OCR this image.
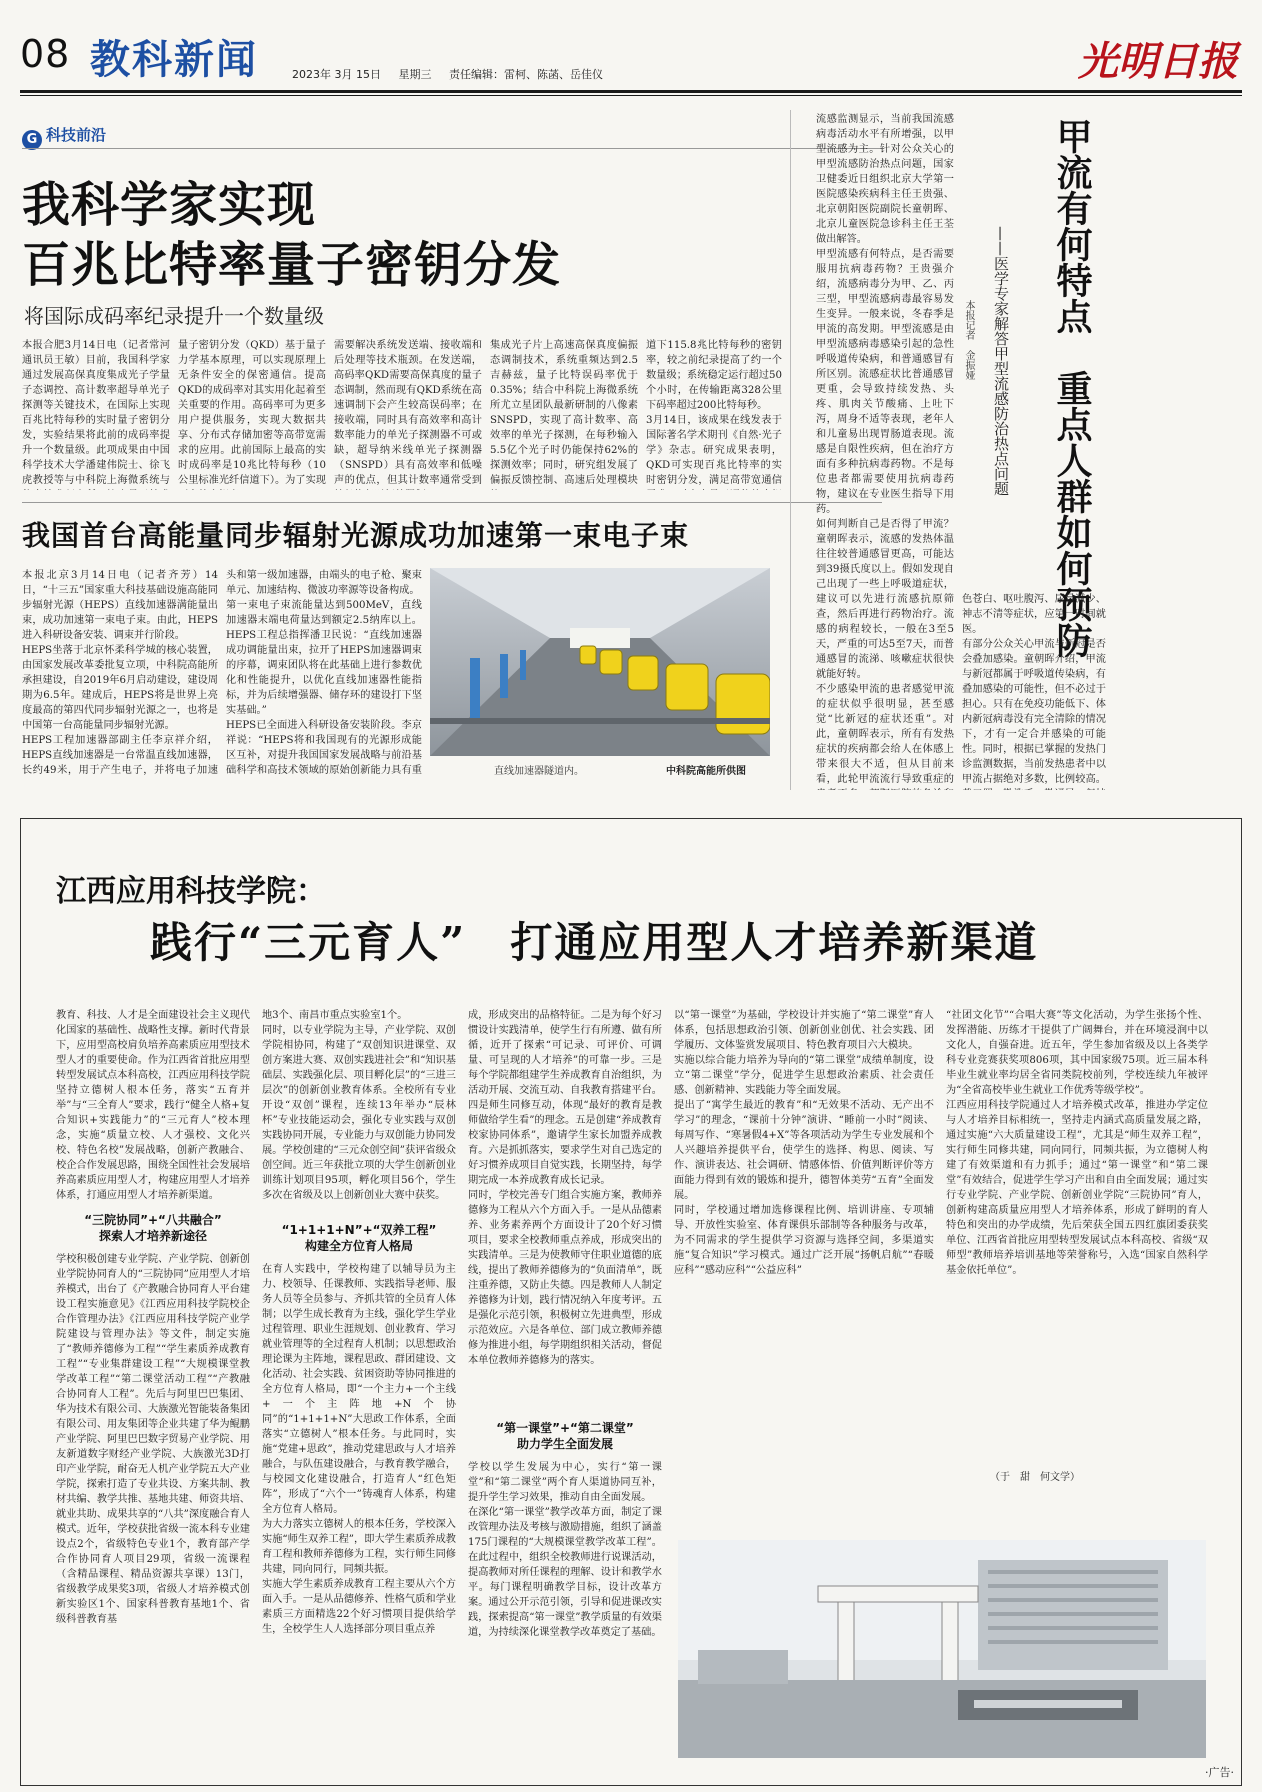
08 教科新闻	2023年 3月 15日 星期三 责任编辑：雷柯、陈菡、岳佳仪	光明日报
G 科技前沿
我科学家实现
百兆比特率量子密钥分发
将国际成码率纪录提升一个数量级
本报合肥3月14日电（记者常河　通讯员王敏）目前，我国科学家通过发展高保真度集成光子学量子态调控、高计数率超导单光子探测等关键技术，在国际上实现百兆比特每秒的实时量子密钥分发，实验结果将此前的成码率提升一个数量级。此项成果由中国科学技术大学潘建伟院士、徐飞虎教授等与中科院上海微系统与
量子密钥分发（QKD）基于量子力学基本原理，可以实现原理上无条件安全的保密通信。提高QKD的成码率对其实用化起着至关重要的作用。高码率可为更多用户提供服务，实现大数据共享、分布式存储加密等高带宽需求的应用。此前国际上最高的实时成码率是10兆比特每秒（10公里标准光纤信道下）。为了实现
需要解决系统发送端、接收端和后处理等技术瓶颈。在发送端，高码率QKD需要高保真度的量子态调制，然而现有QKD系统在高速调制下会产生较高误码率；在接收端，同时具有高效率和高计数率能力的单光子探测器不可或缺，超导纳米线单光子探测器（SNSPD）具有高效率和低噪声的优点，但其计数率通常受到

集成光子片上高速高保真度偏振态调制技术，系统重频达到2.5吉赫兹，量子比特误码率优于0.35%；结合中科院上海微系统所尤立星团队最新研制的八像素SNSPD，实现了高计数率、高效率的单光子探测，在每秒输入5.5亿个光子时仍能保持62%的探测效率；同时，研究组发展了偏振反馈控制、高速后处理模块

道下115.8兆比特每秒的密钥率，较之前纪录提高了约一个数量级；系统稳定运行超过50个小时，在传输距离328公里下码率超过200比特每秒。
3月14日，该成果在线发表于国际著名学术期刊《自然·光子学》杂志。研究成果表明，QKD可实现百兆比特率的实时密钥分发，满足高带宽通信
我国首台高能量同步辐射光源成功加速第一束电子束
本报北京3月14日电（记者齐芳）14日，“十三五”国家重大科技基础设施高能同步辐射光源（HEPS）直线加速器满能量出束，成功加速第一束电子束。由此，HEPS进入科研设备安装、调束并行阶段。
HEPS坐落于北京怀柔科学城的核心装置，由国家发展改革委批复立项，中科院高能所承担建设，自2019年6月启动建设，建设周期为6.5年。建成后，HEPS将是世界上亮度最高的第四代同步辐射光源之一，也将是中国第一台高能量同步辐射光源。
HEPS工程加速器部副主任李京祥介绍，HEPS直线加速器是一台常温直线加速器，长约49米，用于产生电子，并将电子加速
头和第一级加速器，由端头的电子枪、聚束单元、加速结构、微波功率源等设备构成。
第一束电子束流能量达到500MeV，直线加速器末端电荷量达到额定2.5纳库以上。HEPS工程总指挥潘卫民说：“直线加速器成功调能量出束，拉开了HEPS加速器调束的序幕，调束团队将在此基础上进行参数优化和性能提升，以优化直线加速器性能指标，并为后续增强器、储存环的建设打下坚实基础。”
HEPS已全面进入科研设备安装阶段。李京祥说：“HEPS将和我国现有的光源形成能区互补，对提升我国国家发展战略与前沿基础科学和高技术领域的原始创新能力具有重	直线加速器隧道内。	中科院高能所供图
甲流有何特点　重点人群如何预防
——医学专家解答甲型流感防治热点问题
本报记者　金振娅
流感监测显示，当前我国流感病毒活动水平有所增强，以甲型流感为主。针对公众关心的甲型流感防治热点问题，国家卫健委近日组织北京大学第一医院感染疾病科主任王贵强、北京朝阳医院副院长童朝晖、北京儿童医院急诊科主任王荃做出解答。
甲型流感有何特点，是否需要服用抗病毒药物？王贵强介绍，流感病毒分为甲、乙、丙三型，甲型流感病毒最容易发生变异。一般来说，冬春季是甲流的高发期。甲型流感是由甲型流感病毒感染引起的急性呼吸道传染病，和普通感冒有所区别。流感症状比普通感冒更重，会导致持续发热、头疼、肌肉关节酸痛、上吐下泻，周身不适等表现，老年人和儿童易出现胃肠道表现。流感是自限性疾病，但在治疗方面有多种抗病毒药物。不是每位患者都需要使用抗病毒药物，建议在专业医生指导下用药。
如何判断自己是否得了甲流？童朝晖表示，流感的发热体温往往较普通感冒更高，可能达到39摄氏度以上。假如发现自己出现了一些上呼吸道症状，建议可以先进行流感抗原筛查，然后再进行药物治疗。流感的病程较长，一般在3至5天，严重的可达5至7天，而普通感冒的流涕、咳嗽症状很快就能好转。
不少感染甲流的患者感觉甲流的症状似乎很明显，甚至感觉“比新冠的症状还重”。对此，童朝晖表示，所有有发热症状的疾病都会给人在体感上带来很大不适，但从目前来看，此轮甲流流行导致重症的

色苍白、呕吐腹泻、尿量减少、神志不清等症状，应第一时间就医。
有部分公众关心甲流与新冠是否会叠加感染。童朝晖介绍，甲流与新冠都属于呼吸道传染病，有叠加感染的可能性，但不必过于担心。只有在免疫功能低下、体内新冠病毒没有完全清除的情况下，才有一定合并感染的可能性。同时，根据已掌握的发热门诊监测数据，当前发热患者中以甲流占据绝对多数，比例较高。
江西应用科技学院：
践行“三元育人”　打通应用型人才培养新渠道
教育、科技、人才是全面建设社会主义现代化国家的基础性、战略性支撑。新时代背景下，应用型高校肩负培养高素质应用型技术型人才的重要使命。作为江西省首批应用型转型发展试点本科高校，江西应用科技学院坚持立德树人根本任务，落实“五育并举”与“三全育人”要求，践行“健全人格+复合知识+实践能力”的“三元育人”校本理念，实施“质量立校、人才强校、文化兴校、特色名校”发展战略，创新产教融合、校企合作发展思路，围绕全国性社会发展培养高素质应用型人才，构建应用型人才培养体系，打通应用型人才培养新渠道。
“三院协同”+“八共融合”
探索人才培养新途径
学校积极创建专业学院、产业学院、创新创业学院协同育人的“三院协同”应用型人才培养模式，出台了《产教融合协同育人平台建设工程实施意见》《江西应用科技学院校企合作管理办法》《江西应用科技学院产业学院建设与管理办法》等文件，制定实施了“教师养德修为工程”“学生素质养成教育工程”“专业集群建设工程”“大规模课堂教学改革工程”“第二课堂活动工程”“产教融合协同育人工程”。先后与阿里巴巴集团、华为技术有限公司、大族激光智能装备集团有限公司、用友集团等企业共建了华为鲲鹏产业学院、阿里巴巴数字贸易产业学院、用友新道数字财经产业学院、大族激光3D打印产业学院，耐奋无人机产业学院五大产业学院，探索打造了专业共设、方案共制、教材共编、教学共推、基地共建、师资共培、就业共助、成果共享的“八共”深度融合育人模式。近年，学校获批省级一流本科专业建设点2个，省级特色专业1个，教育部产学合作协同育人项目29项，省级一流课程（含精品课程、精品资源共享课）13门，省级教学成果奖3项，省级人才培养模式创新实验区1个、国家科普教育基地1个、省级科普教育基
地3个、南昌市重点实验室1个。
同时，以专业学院为主导，产业学院、双创学院相协同，构建了“双创知识进课堂、双创方案进大赛、双创实践进社会”和“知识基础层、实践强化层、项目孵化层”的“三进三层次”的创新创业教育体系。全校所有专业开设“双创”课程，连续13年举办“辰林杯”专业技能运动会，强化专业实践与双创实践协同开展，专业能力与双创能力协同发展。学校创建的“三元众创空间”获评省级众创空间。近三年获批立项的大学生创新创业训练计划项目95项，孵化项目56个，学生多次在省级及以上创新创业大赛中获奖。
“1+1+1+N”+“双养工程”
构建全方位育人格局
在育人实践中，学校构建了以辅导员为主力、校领导、任课教师、实践指导老师、服务人员等全员参与、齐抓共管的全员育人体制；以学生成长教育为主线，强化学生学业过程管理、职业生涯规划、创业教育、学习就业管理等的全过程育人机制；以思想政治理论课为主阵地，课程思政、群团建设、文化活动、社会实践、贫困资助等协同推进的全方位育人格局，即“一个主力+一个主线+一个主阵地+N个协同”的“1+1+1+N”大思政工作体系，全面落实“立德树人”根本任务。与此同时，实施“党建+思政”，推动党建思政与人才培养融合，与队伍建设融合，与教育教学融合，与校园文化建设融合，打造育人“红色矩阵”，形成了“六个一”铸魂育人体系，构建全方位育人格局。
为大力落实立德树人的根本任务，学校深入实施“师生双养工程”，即大学生素质养成教育工程和教师养德修为工程，实行师生同修共建，同向同行，同频共振。
实施大学生素质养成教育工程主要从六个方面入手。一是从品德修养、性格气质和学业素质三方面精选22个好习惯项目提供给学生，全校学生人人选择部分项目重点养
成，形成突出的品格特征。二是为每个好习惯设计实践清单，使学生行有所遵、做有所循，近开了探索“可记录、可评价、可调量、可呈现的人才培养”的可靠一步。三是每个学院都组建学生养成教育自治组织，为活动开展、交流互动、自我教育搭建平台。四是师生同修互动，体现“最好的教育是教师做给学生看”的理念。五是创建“养成教育校家协同体系”，邀请学生家长加盟养成教育。六是抓抓落实，要求学生对自己选定的好习惯养成项目自觉实践，长期坚持，每学期完成一本养成教育成长记录。
同时，学校完善专门组合实施方案，教师养德修为工程从六个方面入手。一是从品德素养、业务素养两个方面设计了20个好习惯项目，要求全校教师重点养成，形成突出的实践清单。三是为使教师守住职业道德的底线，提出了教师养德修为的“负面清单”，既注重养德，又防止失德。四是教师人人制定养德修为计划，践行情况纳入年度考评。五是强化示范引领，积极树立先进典型，形成示范效应。六是各单位、部门成立教师养德修为推进小组，每学期组织相关活动，督促本单位教师养德修为的落实。
“第一课堂”+“第二课堂”
助力学生全面发展
学校以学生发展为中心，实行“第一课堂”和“第二课堂”两个育人渠道协同互补，提升学生学习效果，推动自由全面发展。
在深化“第一课堂”教学改革方面，制定了课改管理办法及考核与激励措施，组织了涵盖175门课程的“大规模课堂教学改革工程”。在此过程中，组织全校教师进行说课活动，提高教师对所任课程的理解、设计和教学水平。每门课程明确教学目标，设计改革方案。通过公开示范引领，引导和促进课改实践，探索提高“第一课堂”教学质量的有效渠道，为持续深化课堂教学改革奠定了基础。
以“第一课堂”为基础，学校设计并实施了“第二课堂”育人体系，包括思想政治引领、创新创业创优、社会实践、团学履历、文体鉴赏发展项目、特色教育项目六大模块。
实施以综合能力培养为导向的“第二课堂”成绩单制度，设立“第二课堂”学分，促进学生思想政治素质、社会责任感、创新精神、实践能力等全面发展。
提出了“寓学生最近的教育”和“无效果不活动、无产出不学习”的理念，“课前十分钟”演讲、“睡前一小时”阅读、每周写作、“寒暑假4+X”等各项活动为学生专业发展和个人兴趣培养提供平台，使学生的选择、构思、阅读、写作、演讲表达、社会调研、情感体悟、价值判断评价等方面能力得到有效的锻炼和提升，德智体美劳“五育”全面发展。
同时，学校通过增加选修课程比例、培训讲座、专项辅导、开放性实验室、体育课俱乐部制等各种服务与改革，为不同需求的学生提供学习资源与选择空间，多渠道实施“复合知识”学习模式。通过广泛开展“扬帆启航”“春暖应科”“感动应科”“公益应科”
“社团文化节”“合唱大赛”等文化活动，为学生张扬个性、发挥潜能、历练才干提供了广阔舞台，并在环境浸润中以文化人，自强奋进。近五年，学生参加省级及以上各类学科专业竞赛获奖项806项，其中国家级75项。近三届本科毕业生就业率均居全省同类院校前列，学校连续九年被评为“全省高校毕业生就业工作优秀等级学校”。
江西应用科技学院通过人才培养模式改革，推进办学定位与人才培养目标相统一，坚持走内涵式高质量发展之路，通过实施“六大质量建设工程”，尤其是“师生双养工程”，实行师生同修共建，同向同行，同频共振，为立德树人构建了有效渠道和有力抓手；通过“第一课堂”和“第二课堂”有效结合，促进学生学习产出和自由全面发展；通过实行专业学院、产业学院、创新创业学院“三院协同”育人，创新构建高质量应用型人才培养体系，形成了鲜明的育人特色和突出的办学成绩，先后荣获全国五四红旗团委获奖单位、江西省首批应用型转型发展试点本科高校、省级“双师型”教师培养培训基地等荣誉称号，入选“国家自然科学基金依托单位”。
（于　甜　何文学）
·广告·
